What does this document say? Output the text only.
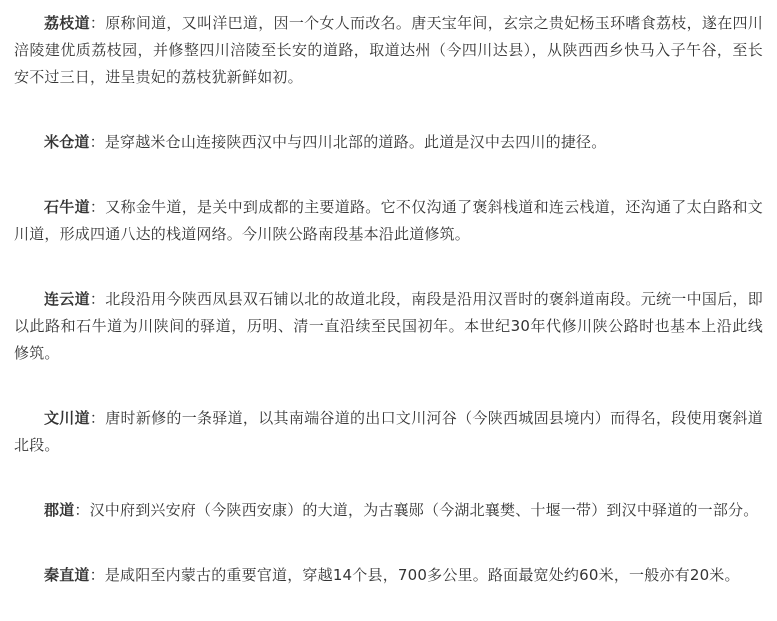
荔枝道：原称间道，又叫洋巴道，因一个女人而改名。唐天宝年间，玄宗之贵妃杨玉环嗜食荔枝，遂在四川涪陵建优质荔枝园，并修整四川涪陵至长安的道路，取道达州（今四川达县），从陕西西乡快马入子午谷，至长安不过三日，进呈贵妃的荔枝犹新鲜如初。

米仓道：是穿越米仓山连接陕西汉中与四川北部的道路。此道是汉中去四川的捷径。

石牛道：又称金牛道，是关中到成都的主要道路。它不仅沟通了褒斜栈道和连云栈道，还沟通了太白路和文川道，形成四通八达的栈道网络。今川陕公路南段基本沿此道修筑。

连云道：北段沿用今陕西凤县双石铺以北的故道北段，南段是沿用汉晋时的褒斜道南段。元统一中国后，即以此路和石牛道为川陕间的驿道，历明、清一直沿续至民国初年。本世纪30年代修川陕公路时也基本上沿此线修筑。

文川道：唐时新修的一条驿道，以其南端谷道的出口文川河谷（今陕西城固县境内）而得名，段使用褒斜道北段。

郡道：汉中府到兴安府（今陕西安康）的大道，为古襄郧（今湖北襄樊、十堰一带）到汉中驿道的一部分。

秦直道：是咸阳至内蒙古的重要官道，穿越14个县，700多公里。路面最宽处约60米，一般亦有20米。
